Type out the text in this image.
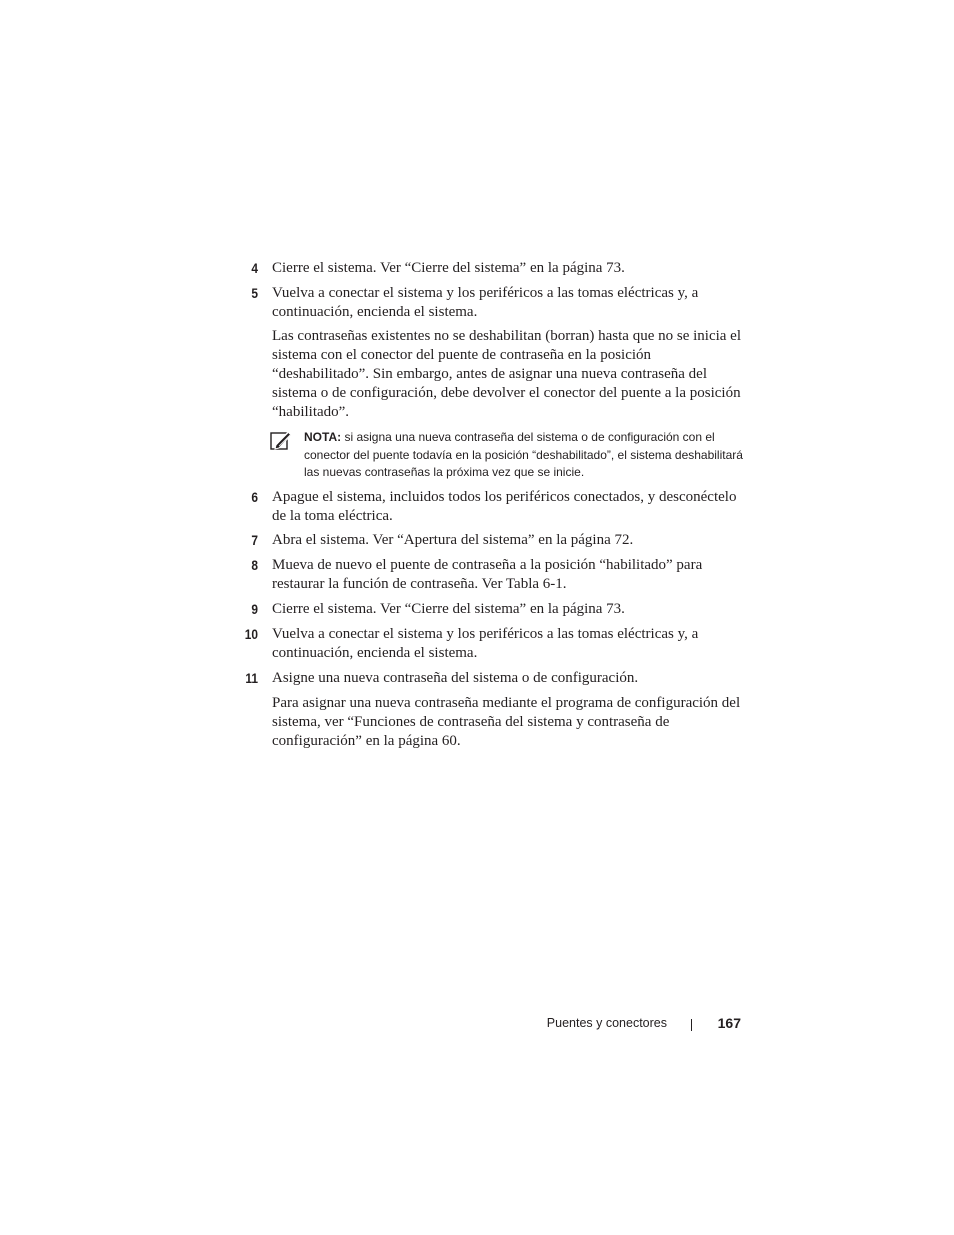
4 Cierre el sistema. Ver “Cierre del sistema” en la página 73.
5 Vuelva a conectar el sistema y los periféricos a las tomas eléctricas y, a continuación, encienda el sistema.
Las contraseñas existentes no se deshabilitan (borran) hasta que no se inicia el sistema con el conector del puente de contraseña en la posición “deshabilitado”. Sin embargo, antes de asignar una nueva contraseña del sistema o de configuración, debe devolver el conector del puente a la posición “habilitado”.
NOTA: si asigna una nueva contraseña del sistema o de configuración con el conector del puente todavía en la posición “deshabilitado”, el sistema deshabilitará las nuevas contraseñas la próxima vez que se inicie.
6 Apague el sistema, incluidos todos los periféricos conectados, y desconéctelo de la toma eléctrica.
7 Abra el sistema. Ver “Apertura del sistema” en la página 72.
8 Mueva de nuevo el puente de contraseña a la posición “habilitado” para restaurar la función de contraseña. Ver Tabla 6-1.
9 Cierre el sistema. Ver “Cierre del sistema” en la página 73.
10 Vuelva a conectar el sistema y los periféricos a las tomas eléctricas y, a continuación, encienda el sistema.
11 Asigne una nueva contraseña del sistema o de configuración.
Para asignar una nueva contraseña mediante el programa de configuración del sistema, ver “Funciones de contraseña del sistema y contraseña de configuración” en la página 60.
Puentes y conectores	167
